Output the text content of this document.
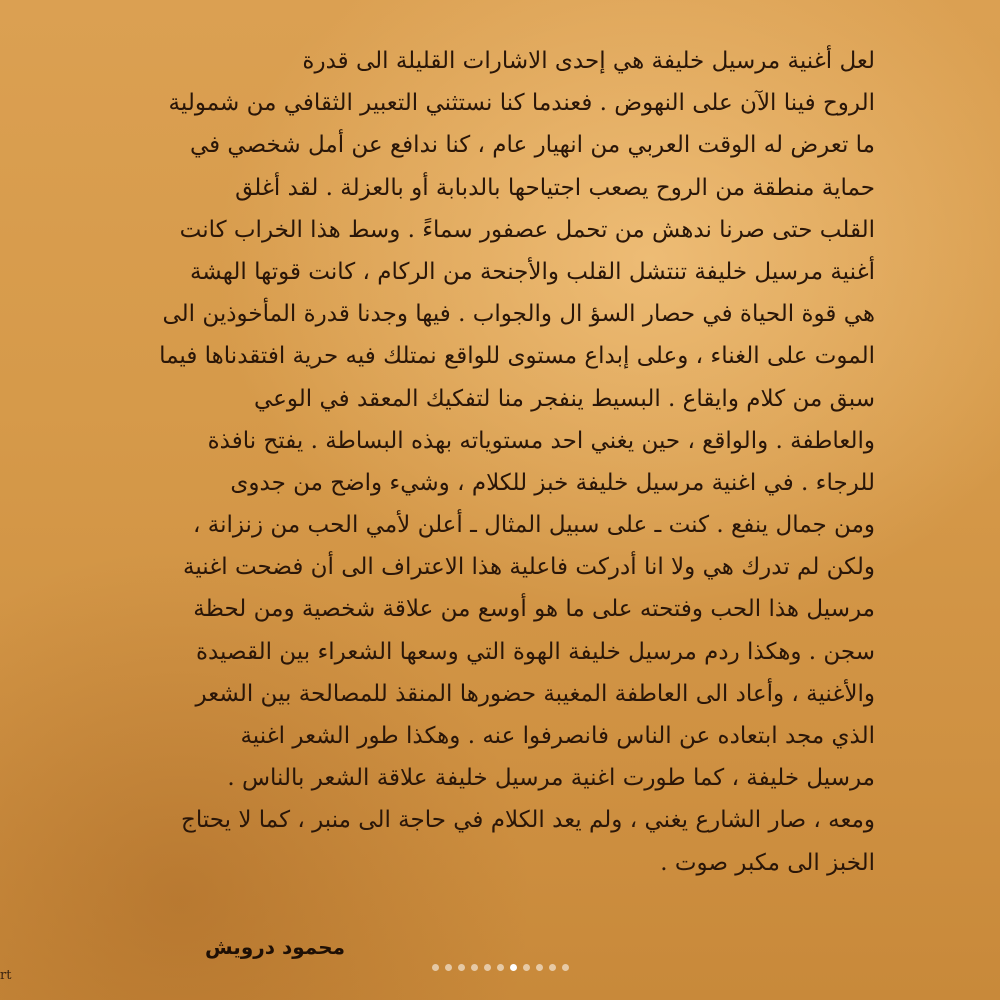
لعل أغنية مرسيل خليفة هي إحدى الاشارات القليلة الى قدرة
الروح فينا الآن على النهوض . فعندما كنا نستثني التعبير الثقافي من شمولية
ما تعرض له الوقت العربي من انهيار عام ، كنا ندافع عن أمل شخصي في
حماية منطقة من الروح يصعب اجتياحها بالدبابة أو بالعزلة . لقد أغلق
القلب حتى صرنا ندهش من تحمل عصفور سماءً . وسط هذا الخراب كانت
أغنية مرسيل خليفة تنتشل القلب والأجنحة من الركام ، كانت قوتها الهشة
هي قوة الحياة في حصار السؤ ال والجواب . فيها وجدنا قدرة المأخوذين الى
الموت على الغناء ، وعلى إبداع مستوى للواقع نمتلك فيه حرية افتقدناها فيما
سبق من كلام وايقاع . البسيط ينفجر منا لتفكيك المعقد في الوعي
والعاطفة . والواقع ، حين يغني احد مستوياته بهذه البساطة . يفتح نافذة
للرجاء . في اغنية مرسيل خليفة خبز للكلام ، وشيء واضح من جدوى
ومن جمال ينفع . كنت ـ على سبيل المثال ـ أعلن لأمي الحب من زنزانة ،
ولكن لم تدرك هي ولا انا أدركت فاعلية هذا الاعتراف الى أن فضحت اغنية
مرسيل هذا الحب وفتحته على ما هو أوسع من علاقة شخصية ومن لحظة
سجن . وهكذا ردم مرسيل خليفة الهوة التي وسعها الشعراء بين القصيدة
والأغنية ، وأعاد الى العاطفة المغيبة حضورها المنقذ للمصالحة بين الشعر
الذي مجد ابتعاده عن الناس فانصرفوا عنه . وهكذا طور الشعر اغنية
مرسيل خليفة ، كما طورت اغنية مرسيل خليفة علاقة الشعر بالناس .
ومعه ، صار الشارع يغني ، ولم يعد الكلام في حاجة الى منبر ، كما لا يحتاج
الخبز الى مكبر صوت .
محمود درويش
rt
